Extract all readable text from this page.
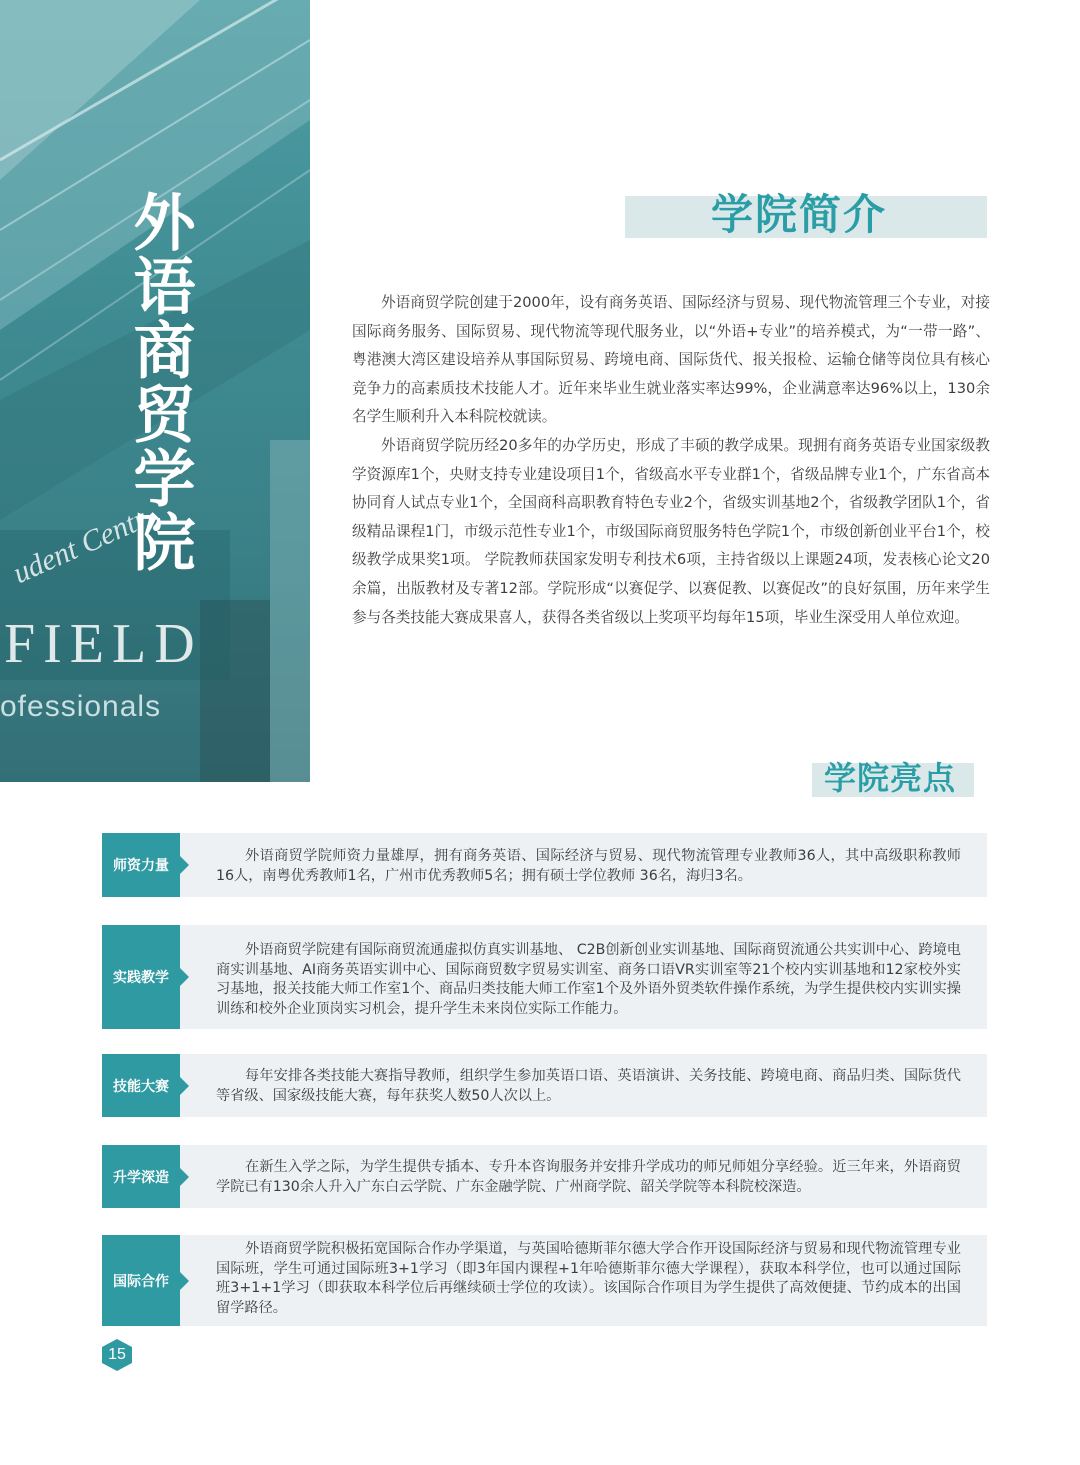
udent Centr
FIELD
ofessionals
外语商贸学院	学院简介

外语商贸学院创建于2000年，设有商务英语、国际经济与贸易、现代物流管理三个专业，对接国际商务服务、国际贸易、现代物流等现代服务业，以“外语+专业”的培养模式，为“一带一路”、粤港澳大湾区建设培养从事国际贸易、跨境电商、国际货代、报关报检、运输仓储等岗位具有核心竞争力的高素质技术技能人才。近年来毕业生就业落实率达99%，企业满意率达96%以上，130余名学生顺利升入本科院校就读。

外语商贸学院历经20多年的办学历史，形成了丰硕的教学成果。现拥有商务英语专业国家级教学资源库1个，央财支持专业建设项目1个，省级高水平专业群1个，省级品牌专业1个，广东省高本协同育人试点专业1个，全国商科高职教育特色专业2个，省级实训基地2个，省级教学团队1个，省级精品课程1门，市级示范性专业1个，市级国际商贸服务特色学院1个，市级创新创业平台1个，校级教学成果奖1项。 学院教师获国家发明专利技术6项，主持省级以上课题24项，发表核心论文20余篇，出版教材及专著12部。学院形成“以赛促学、以赛促教、以赛促改”的良好氛围，历年来学生参与各类技能大赛成果喜人，获得各类省级以上奖项平均每年15项，毕业生深受用人单位欢迎。

学院亮点
师资力量

外语商贸学院师资力量雄厚，拥有商务英语、国际经济与贸易、现代物流管理专业教师36人，其中高级职称教师16人，南粤优秀教师1名，广州市优秀教师5名；拥有硕士学位教师 36名，海归3名。

实践教学

外语商贸学院建有国际商贸流通虚拟仿真实训基地、 C2B创新创业实训基地、国际商贸流通公共实训中心、跨境电商实训基地、AI商务英语实训中心、国际商贸数字贸易实训室、商务口语VR实训室等21个校内实训基地和12家校外实习基地，报关技能大师工作室1个、商品归类技能大师工作室1个及外语外贸类软件操作系统，为学生提供校内实训实操训练和校外企业顶岗实习机会，提升学生未来岗位实际工作能力。

技能大赛

每年安排各类技能大赛指导教师，组织学生参加英语口语、英语演讲、关务技能、跨境电商、商品归类、国际货代等省级、国家级技能大赛，每年获奖人数50人次以上。

升学深造

在新生入学之际，为学生提供专插本、专升本咨询服务并安排升学成功的师兄师姐分享经验。近三年来，外语商贸学院已有130余人升入广东白云学院、广东金融学院、广州商学院、韶关学院等本科院校深造。

国际合作

外语商贸学院积极拓宽国际合作办学渠道，与英国哈德斯菲尔德大学合作开设国际经济与贸易和现代物流管理专业国际班，学生可通过国际班3+1学习（即3年国内课程+1年哈德斯菲尔德大学课程），获取本科学位，也可以通过国际班3+1+1学习（即获取本科学位后再继续硕士学位的攻读）。该国际合作项目为学生提供了高效便捷、节约成本的出国留学路径。

15
